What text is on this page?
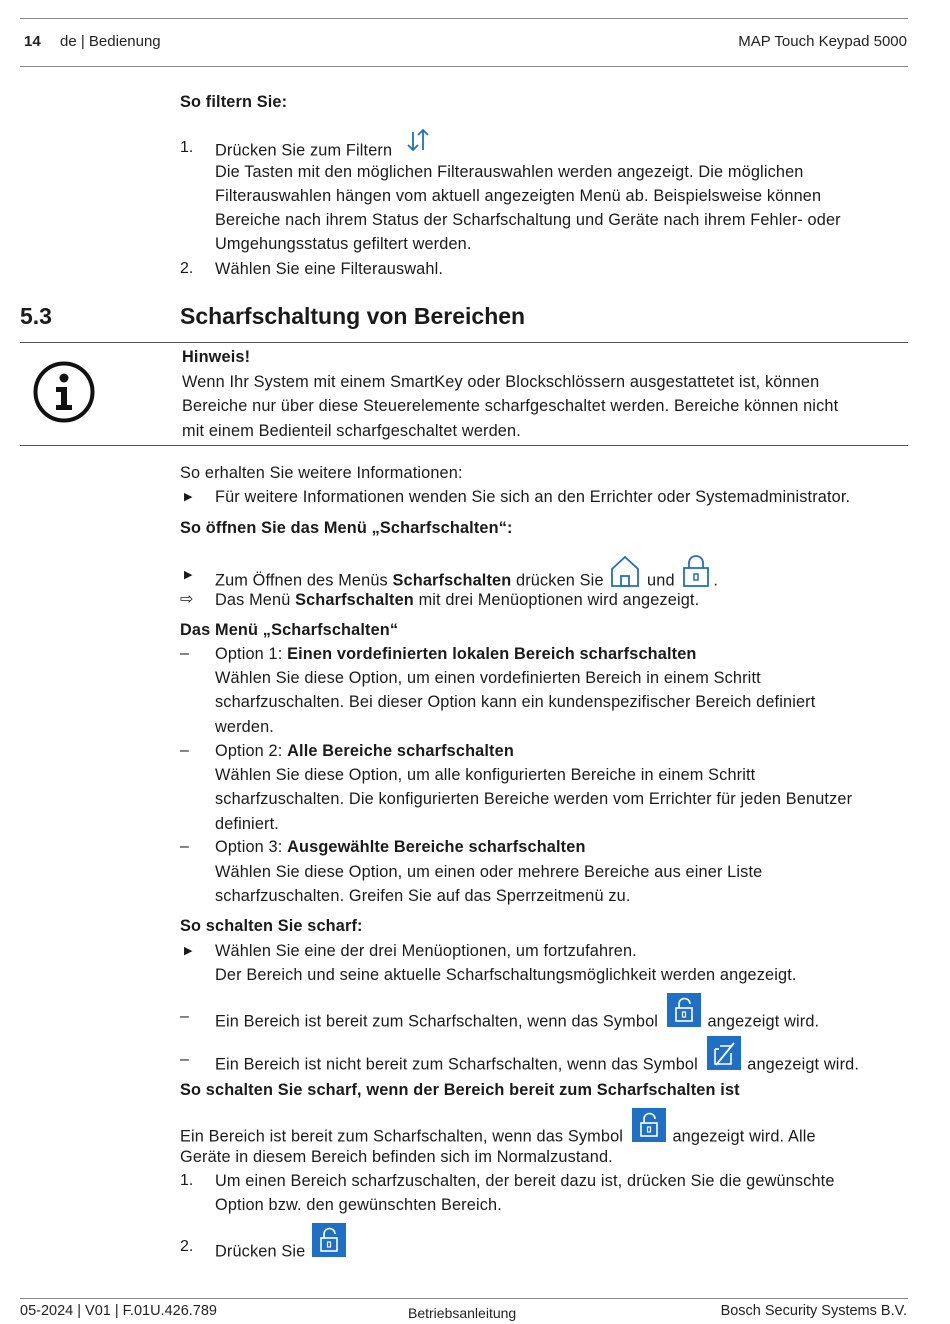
14 de | Bedienung	MAP Touch Keypad 5000
So filtern Sie:
1. Drücken Sie zum Filtern
Die Tasten mit den möglichen Filterauswahlen werden angezeigt. Die möglichen
Filterauswahlen hängen vom aktuell angezeigten Menü ab. Beispielsweise können
Bereiche nach ihrem Status der Scharfschaltung und Geräte nach ihrem Fehler- oder
Umgehungsstatus gefiltert werden.
2. Wählen Sie eine Filterauswahl.
5.3	Scharfschaltung von Bereichen
Hinweis!
Wenn Ihr System mit einem SmartKey oder Blockschlössern ausgestattetet ist, können
Bereiche nur über diese Steuerelemente scharfgeschaltet werden. Bereiche können nicht
mit einem Bedienteil scharfgeschaltet werden.
So erhalten Sie weitere Informationen:
▶ Für weitere Informationen wenden Sie sich an den Errichter oder Systemadministrator.
So öffnen Sie das Menü „Scharfschalten“:
▶ Zum Öffnen des Menüs Scharfschalten drücken Sie	und .
⇨ Das Menü Scharfschalten mit drei Menüoptionen wird angezeigt.
Das Menü „Scharfschalten“
– Option 1: Einen vordefinierten lokalen Bereich scharfschalten
Wählen Sie diese Option, um einen vordefinierten Bereich in einem Schritt
scharfzuschalten. Bei dieser Option kann ein kundenspezifischer Bereich definiert
werden.
– Option 2: Alle Bereiche scharfschalten
Wählen Sie diese Option, um alle konfigurierten Bereiche in einem Schritt
scharfzuschalten. Die konfigurierten Bereiche werden vom Errichter für jeden Benutzer
definiert.
– Option 3: Ausgewählte Bereiche scharfschalten
Wählen Sie diese Option, um einen oder mehrere Bereiche aus einer Liste
scharfzuschalten. Greifen Sie auf das Sperrzeitmenü zu.
So schalten Sie scharf:
▶ Wählen Sie eine der drei Menüoptionen, um fortzufahren.
Der Bereich und seine aktuelle Scharfschaltungsmöglichkeit werden angezeigt.
– Ein Bereich ist bereit zum Scharfschalten, wenn das Symbol	angezeigt wird.
– Ein Bereich ist nicht bereit zum Scharfschalten, wenn das Symbol	angezeigt wird.
So schalten Sie scharf, wenn der Bereich bereit zum Scharfschalten ist
Ein Bereich ist bereit zum Scharfschalten, wenn das Symbol	angezeigt wird. Alle
Geräte in diesem Bereich befinden sich im Normalzustand.
1. Um einen Bereich scharfzuschalten, der bereit dazu ist, drücken Sie die gewünschte
Option bzw. den gewünschten Bereich.
2. Drücken Sie
05-2024 | V01 | F.01U.426.789	Betriebsanleitung	Bosch Security Systems B.V.
